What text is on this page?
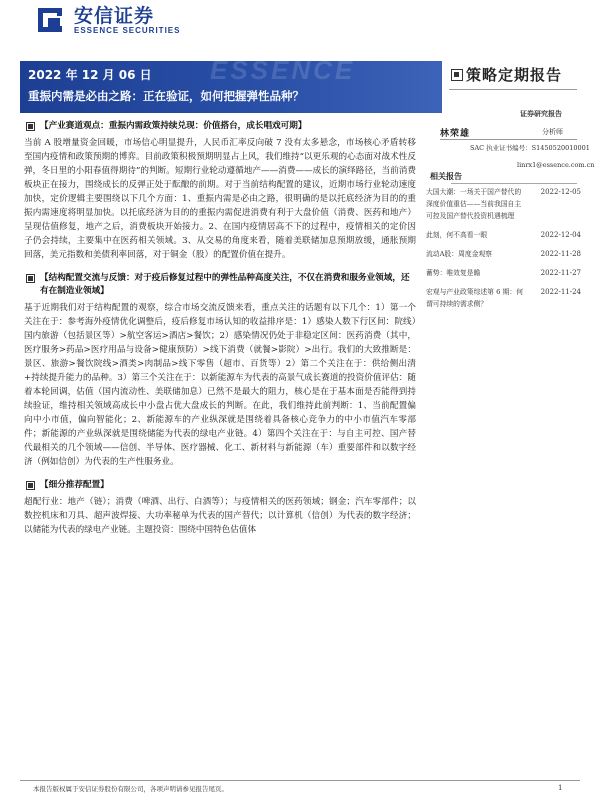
安信证券
ESSENCE SECURITIES
ESSENCE
2022 年 12 月 06 日
重振内需是必由之路：正在验证，如何把握弹性品种？
策略定期报告
证券研究报告
林荣雄	分析师
SAC 执业证书编号：S1450520010001
linrx1@essence.com.cn
相关报告
大国大潮：一场关于国产替代的深度价值重估——当前我国自主可控及国产替代投资机遇梳理
2022-12-05
此刻，何不高看一眼	2022-12-04
流动A股：周度金观察	2022-11-28
蓄势：唯效复是瞻	2022-11-27
宏观与产业政策综述第 6 期：何谓可持续的需求侧？
2022-11-24
【产业赛道观点：重振内需政策持续兑现：价值搭台，成长唱戏可期】

当前 A 股增量资金回暖，市场信心明显提升，人民币汇率反向破 7 没有太多悬念，市场核心矛盾转移至国内疫情和政策预期的博弈。目前政策积极预期明显占上风，我们维持“以更乐观的心态面对战术性反弹，冬日里的小阳春值得期待”的判断。短期行业轮动遵循地产——消费——成长的演绎路径，当前消费板块正在接力，围绕成长的反弹正处于酝酿的前期。对于当前结构配置的建议，近期市场行业轮动速度加快，定价逻辑主要围绕以下几个方面：1、重振内需是必由之路，很明确的是以托底经济为目的的重振内需速度将明显加快。以托底经济为目的的重振内需促进消费有利于大盘价值（消费、医药和地产）呈现估值修复，地产之后，消费板块开始接力。2、在国内疫情居高不下的过程中，疫情相关的定价因子仍会持续，主要集中在医药相关领域。3、从交易的角度来看，随着美联储加息预期放缓，通胀预期回落，美元指数和美债利率回落，对于铜金（股）的配置价值在提升。

【结构配置交流与反馈：对于疫后修复过程中的弹性品种高度关注，不仅在消费和服务业领域，还有在制造业领域】

基于近期我们对于结构配置的观察，综合市场交流反馈来看，重点关注的话题有以下几个：1）第一个关注在于：参考海外疫情优化调整后，疫后修复市场认知的收益排序是：1）感染人数下行区间：院线）国内旅游（包括景区等）>航空客运>酒店>餐饮；2）感染情况仍处于非稳定区间：医药消费（其中，医疗服务>药品>医疗用品与设备>健康预防）>线下消费（就餐>影院）>出行。我们的大致推断是：景区、旅游>餐饮院线>酒类>肉制品>线下零售（超市、百货等）2）第二个关注在于：供给侧出清+持续提升能力的品种。3）第三个关注在于：以新能源车为代表的高景气成长赛道的投资价值评估：随着本轮回调，估值（国内流动性、美联储加息）已然不是最大的阻力，核心是在于基本面是否能得到持续验证，维持相关领域高成长中小盘占优大盘成长的判断。在此，我们维持此前判断：1、当前配置偏向中小市值，偏向智能化；2、新能源车的产业纵深就是围绕着具备核心竞争力的中小市值汽车零部件；新能源的产业纵深就是围绕储能为代表的绿电产业链。4）第四个关注在于：与自主可控、国产替代最相关的几个领域——信创、半导体、医疗器械、化工、新材料与新能源（车）重要部件和以数字经济（例如信创）为代表的生产性服务业。

【细分推荐配置】

超配行业：地产（链）；消费（啤酒、出行、白酒等）；与疫情相关的医药领域；钢金；汽车零部件；以数控机床和刀具、超声波焊接、大功率秘单为代表的国产替代；以计算机（信创）为代表的数字经济；以储能为代表的绿电产业链。主题投资：围绕中国特色估值体

本报告版权属于安信证券股份有限公司，各项声明请参见报告尾页。	1
